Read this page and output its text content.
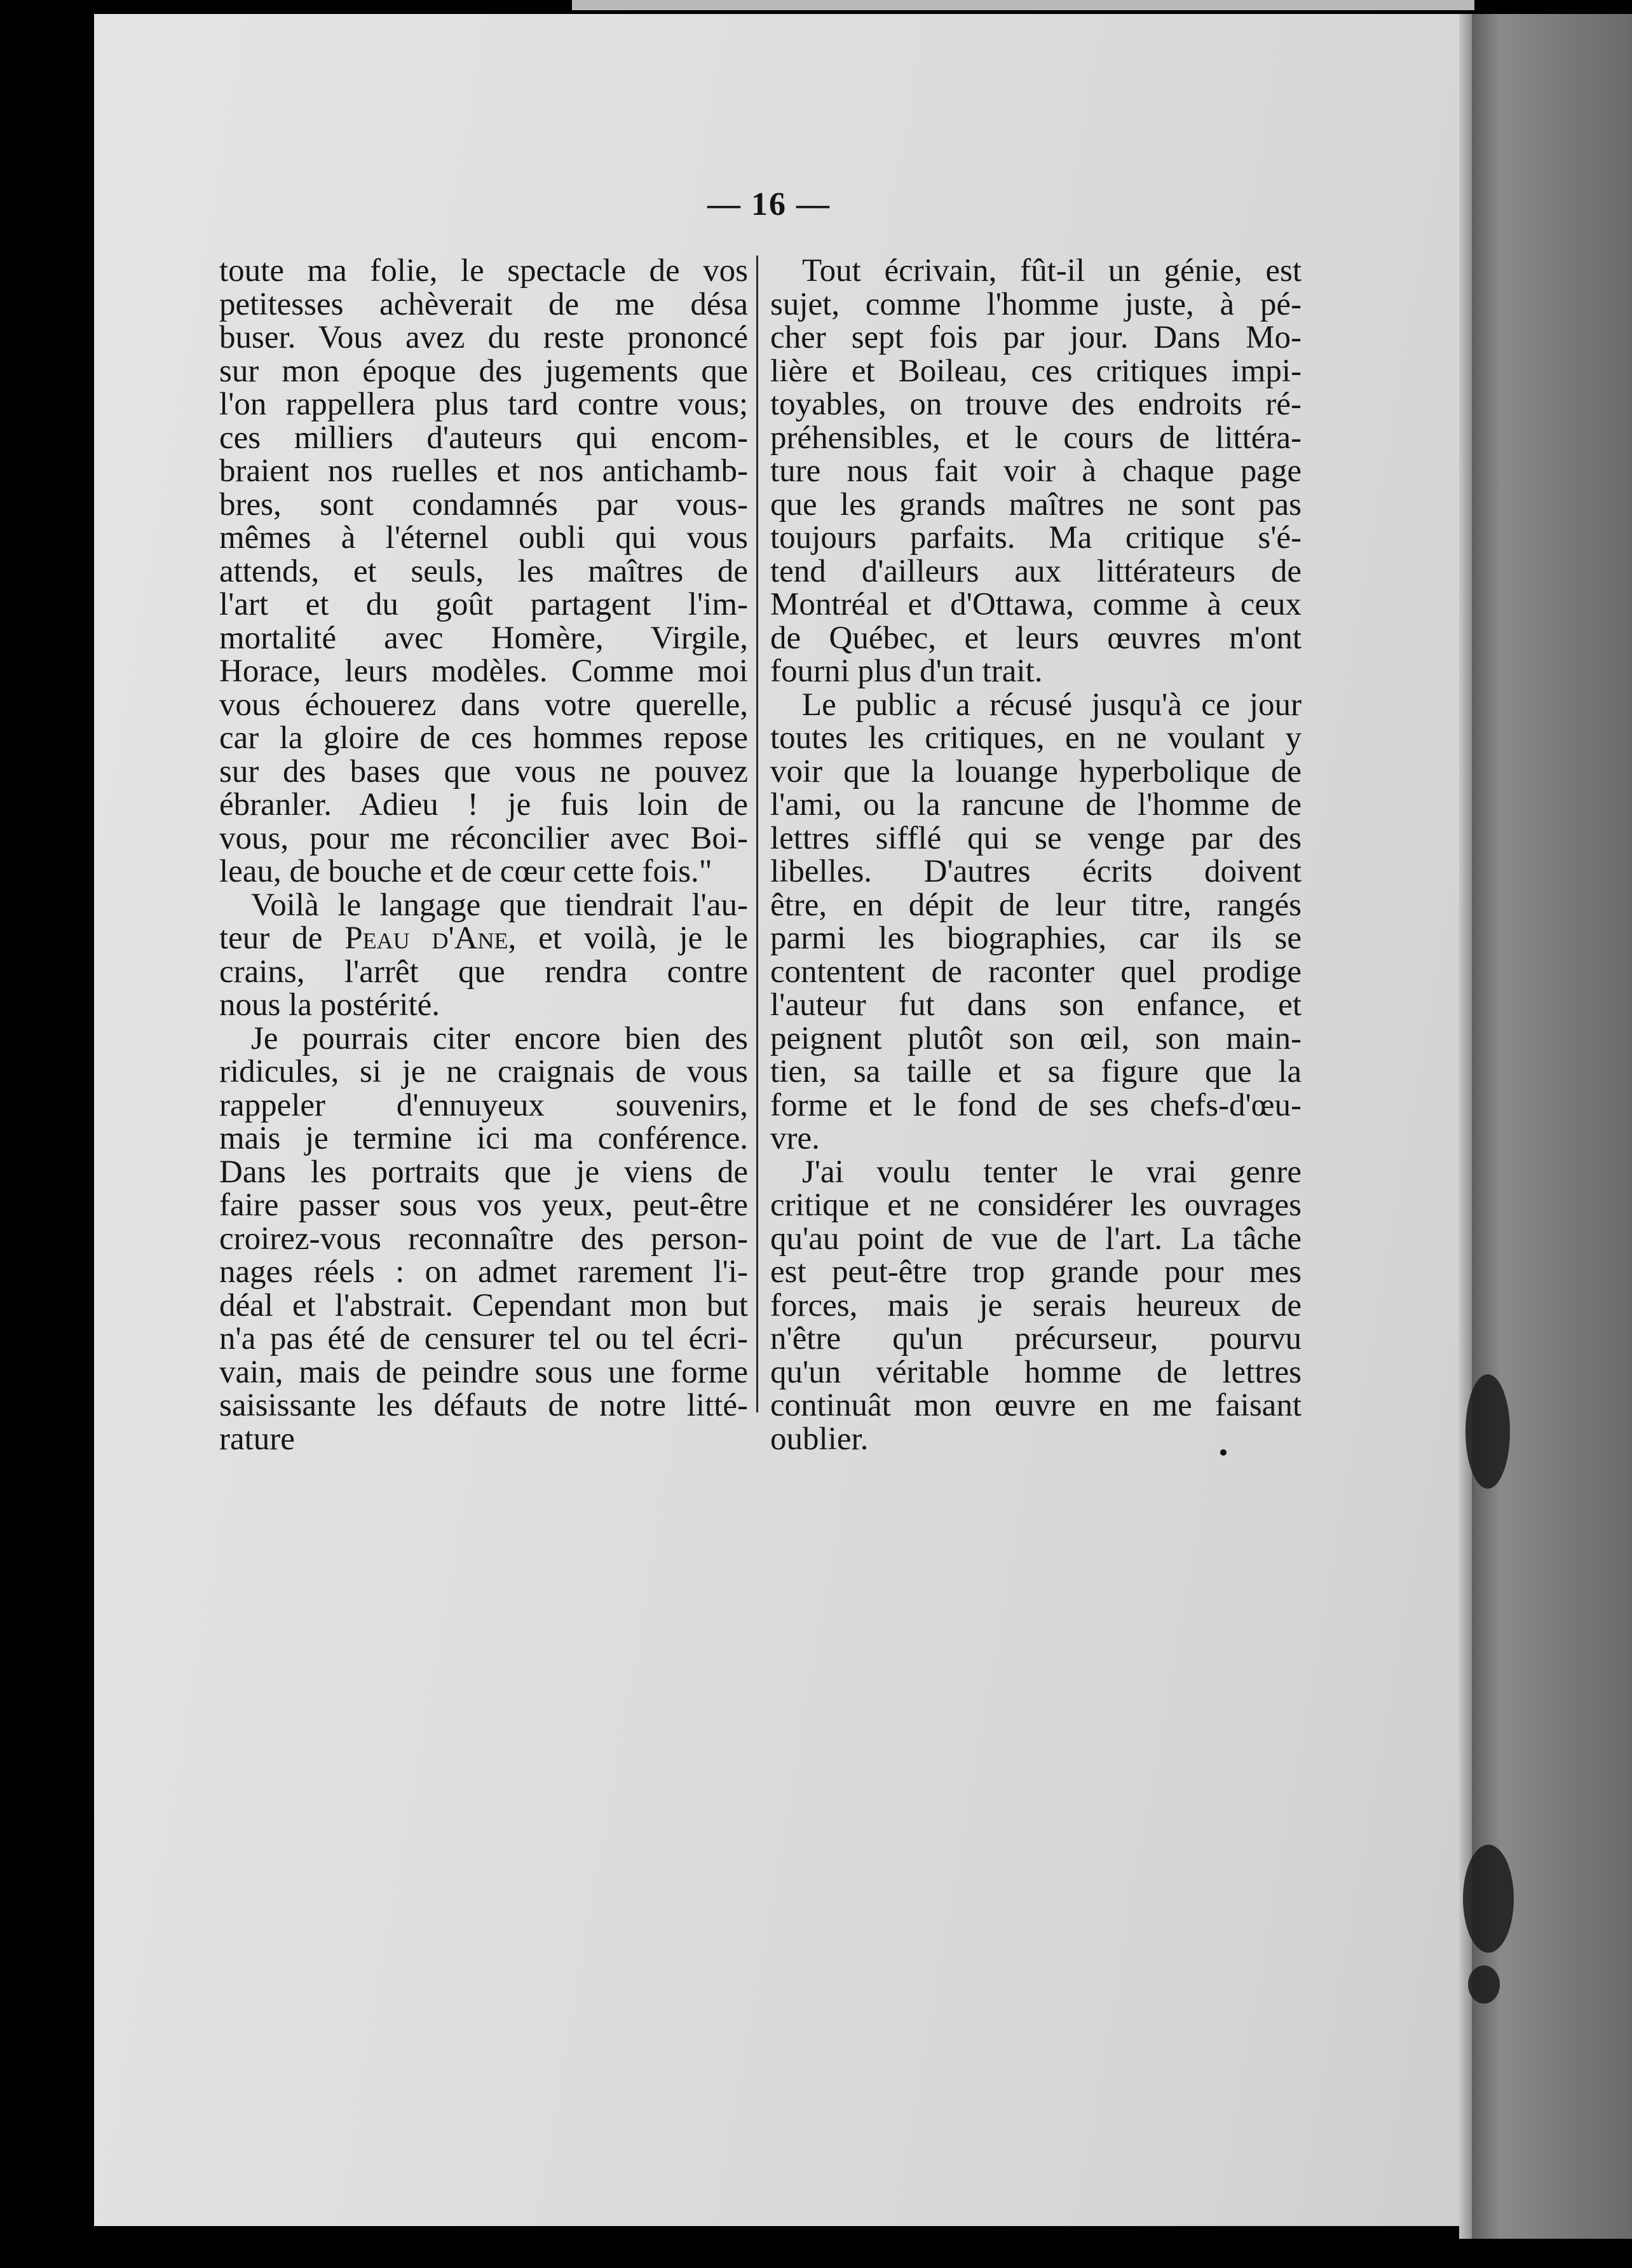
— 16 —

toute ma folie, le spectacle de vos

petitesses achèverait de me désa

buser. Vous avez du reste prononcé

sur mon époque des jugements que

l'on rappellera plus tard contre vous;

ces milliers d'auteurs qui encom-

braient nos ruelles et nos antichamb-

bres, sont condamnés par vous-

mêmes à l'éternel oubli qui vous

attends, et seuls, les maîtres de

l'art et du goût partagent l'im-

mortalité avec Homère, Virgile,

Horace, leurs modèles. Comme moi

vous échouerez dans votre querelle,

car la gloire de ces hommes repose

sur des bases que vous ne pouvez

ébranler. Adieu ! je fuis loin de

vous, pour me réconcilier avec Boi-

leau, de bouche et de cœur cette fois."

Voilà le langage que tiendrait l'au-

teur de Peau d'Ane, et voilà, je le

crains, l'arrêt que rendra contre

nous la postérité.

Je pourrais citer encore bien des

ridicules, si je ne craignais de vous

rappeler d'ennuyeux souvenirs,

mais je termine ici ma conférence.

Dans les portraits que je viens de

faire passer sous vos yeux, peut-être

croirez-vous reconnaître des person-

nages réels : on admet rarement l'i-

déal et l'abstrait. Cependant mon but

n'a pas été de censurer tel ou tel écri-

vain, mais de peindre sous une forme

saisissante les défauts de notre litté-

rature

Tout écrivain, fût-il un génie, est

sujet, comme l'homme juste, à pé-

cher sept fois par jour. Dans Mo-

lière et Boileau, ces critiques impi-

toyables, on trouve des endroits ré-

préhensibles, et le cours de littéra-

ture nous fait voir à chaque page

que les grands maîtres ne sont pas

toujours parfaits. Ma critique s'é-

tend d'ailleurs aux littérateurs de

Montréal et d'Ottawa, comme à ceux

de Québec, et leurs œuvres m'ont

fourni plus d'un trait.

Le public a récusé jusqu'à ce jour

toutes les critiques, en ne voulant y

voir que la louange hyperbolique de

l'ami, ou la rancune de l'homme de

lettres sifflé qui se venge par des

libelles. D'autres écrits doivent

être, en dépit de leur titre, rangés

parmi les biographies, car ils se

contentent de raconter quel prodige

l'auteur fut dans son enfance, et

peignent plutôt son œil, son main-

tien, sa taille et sa figure que la

forme et le fond de ses chefs-d'œu-

vre.

J'ai voulu tenter le vrai genre

critique et ne considérer les ouvrages

qu'au point de vue de l'art. La tâche

est peut-être trop grande pour mes

forces, mais je serais heureux de

n'être qu'un précurseur, pourvu

qu'un véritable homme de lettres

continuât mon œuvre en me faisant

oublier.
